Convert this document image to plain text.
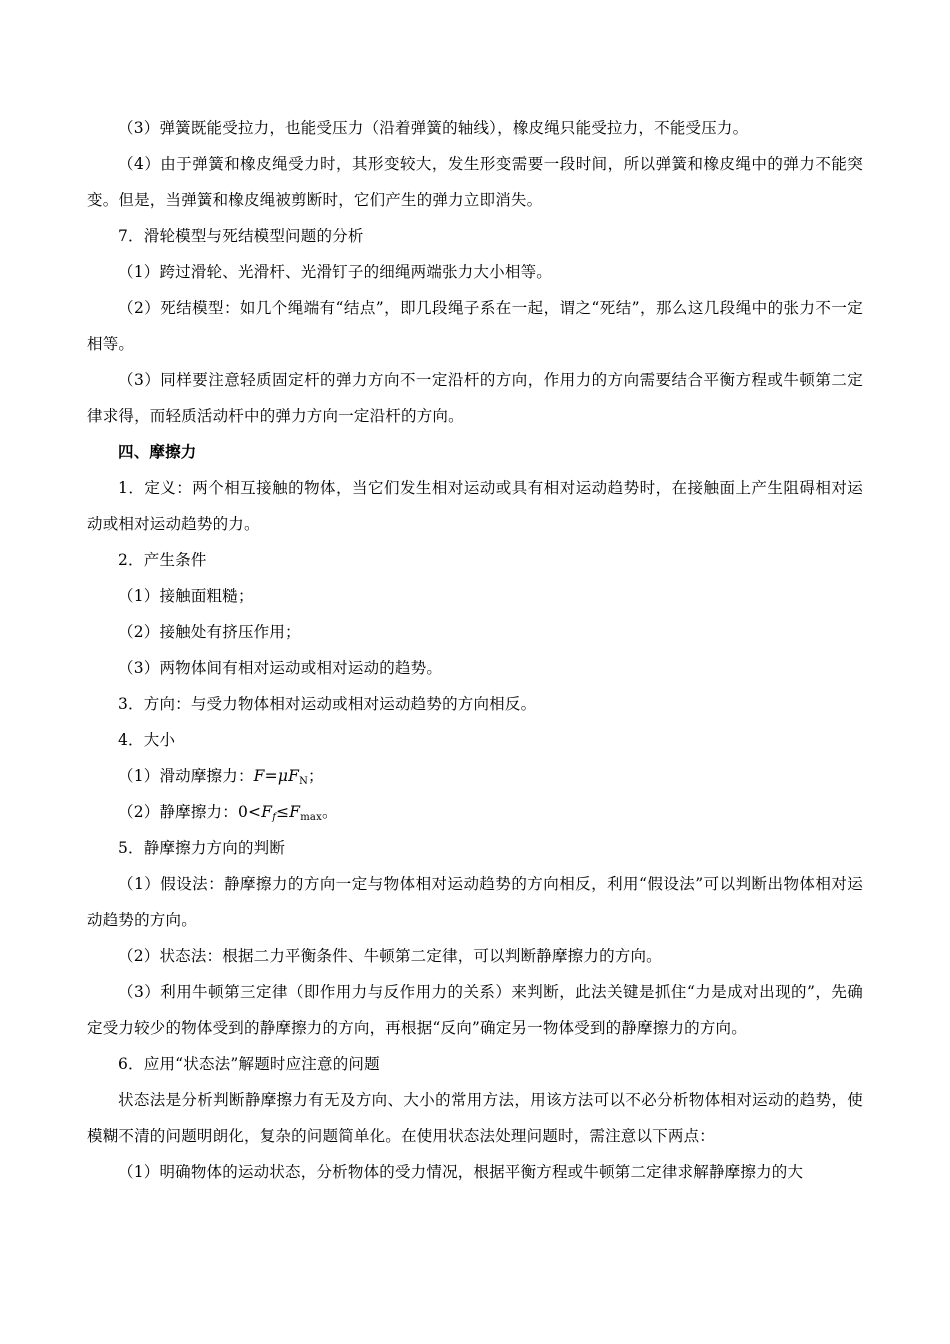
（3）弹簧既能受拉力，也能受压力（沿着弹簧的轴线），橡皮绳只能受拉力，不能受压力。

（4）由于弹簧和橡皮绳受力时，其形变较大，发生形变需要一段时间，所以弹簧和橡皮绳中的弹力不能突变。但是，当弹簧和橡皮绳被剪断时，它们产生的弹力立即消失。

7．滑轮模型与死结模型问题的分析

（1）跨过滑轮、光滑杆、光滑钉子的细绳两端张力大小相等。

（2）死结模型：如几个绳端有“结点”，即几段绳子系在一起，谓之“死结”，那么这几段绳中的张力不一定相等。

（3）同样要注意轻质固定杆的弹力方向不一定沿杆的方向，作用力的方向需要结合平衡方程或牛顿第二定律求得，而轻质活动杆中的弹力方向一定沿杆的方向。

四、摩擦力

1．定义：两个相互接触的物体，当它们发生相对运动或具有相对运动趋势时，在接触面上产生阻碍相对运动或相对运动趋势的力。

2．产生条件

（1）接触面粗糙；

（2）接触处有挤压作用；

（3）两物体间有相对运动或相对运动的趋势。

3．方向：与受力物体相对运动或相对运动趋势的方向相反。

4．大小

（1）滑动摩擦力：$F=\mu F_N$；

（2）静摩擦力：$0<F_f\le F_{max}$。

5．静摩擦力方向的判断

（1）假设法：静摩擦力的方向一定与物体相对运动趋势的方向相反，利用“假设法”可以判断出物体相对运动趋势的方向。

（2）状态法：根据二力平衡条件、牛顿第二定律，可以判断静摩擦力的方向。

（3）利用牛顿第三定律（即作用力与反作用力的关系）来判断，此法关键是抓住“力是成对出现的”，先确定受力较少的物体受到的静摩擦力的方向，再根据“反向”确定另一物体受到的静摩擦力的方向。

6．应用“状态法”解题时应注意的问题

状态法是分析判断静摩擦力有无及方向、大小的常用方法，用该方法可以不必分析物体相对运动的趋势，使模糊不清的问题明朗化，复杂的问题简单化。在使用状态法处理问题时，需注意以下两点：

（1）明确物体的运动状态，分析物体的受力情况，根据平衡方程或牛顿第二定律求解静摩擦力的大
